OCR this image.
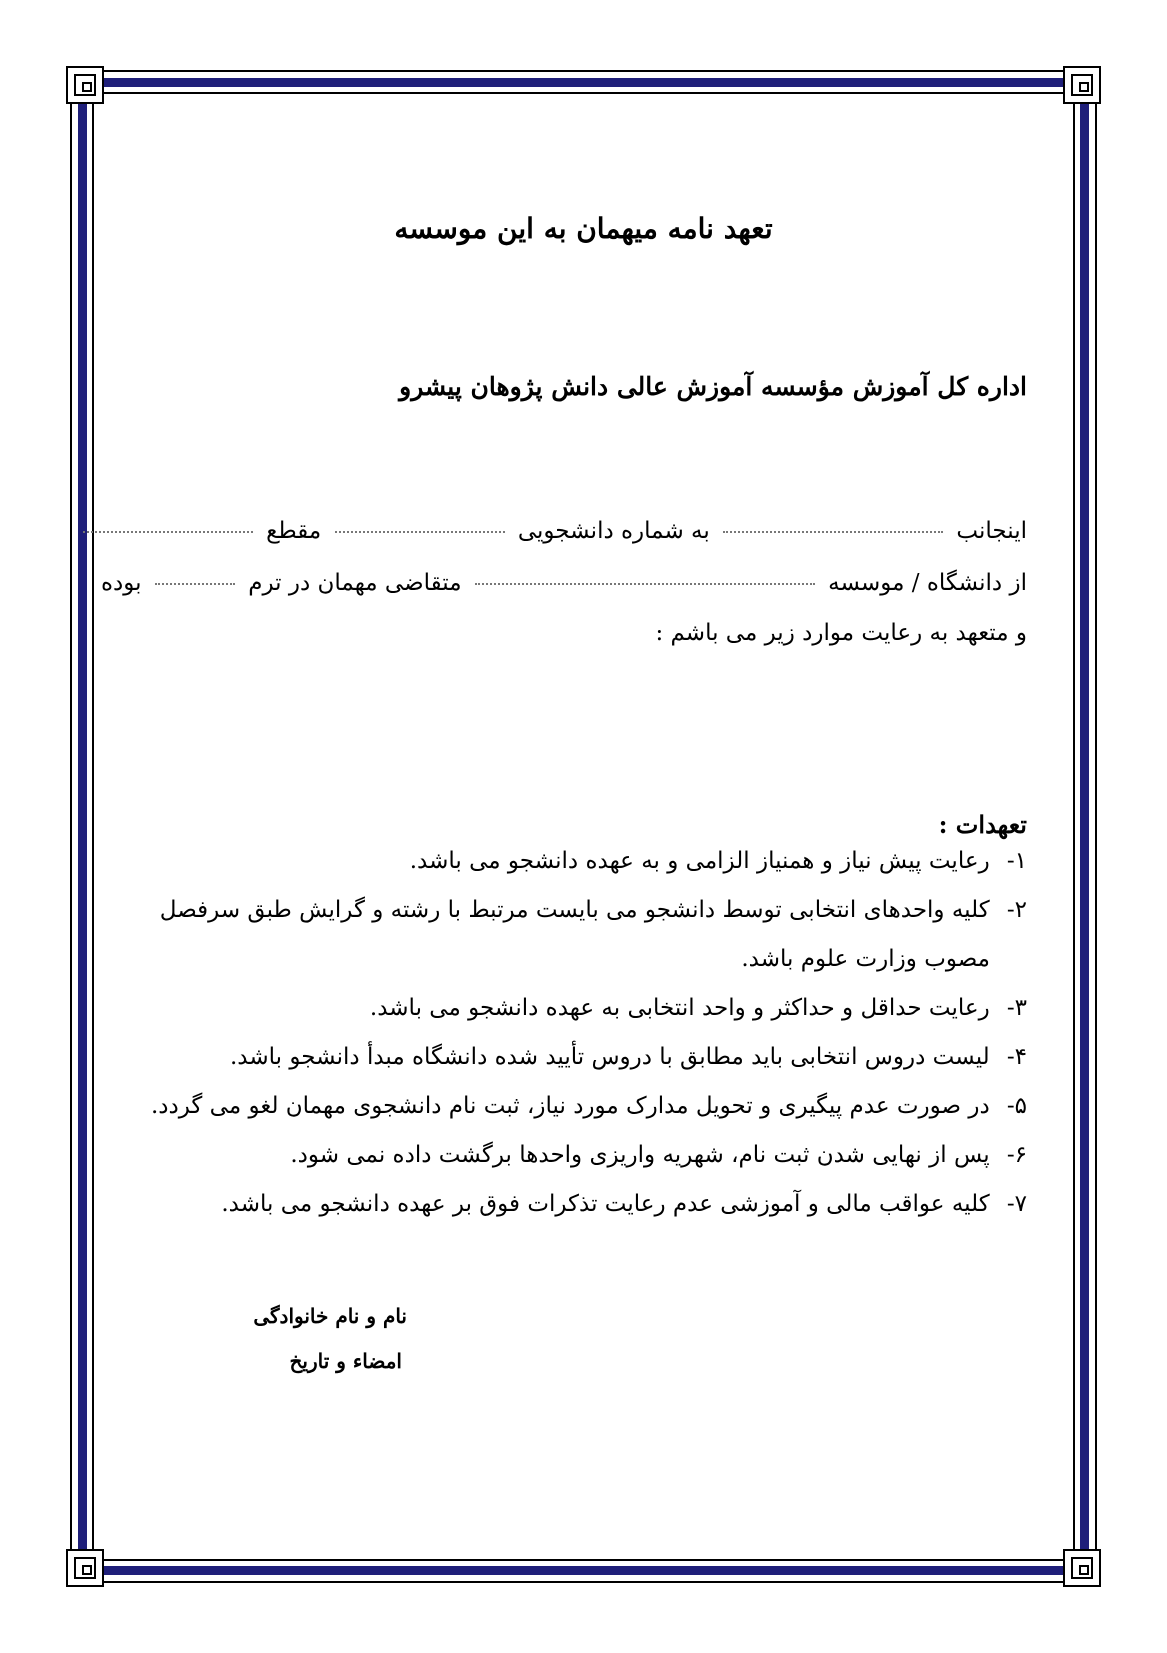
تعهد نامه میهمان به این موسسه
اداره کل آموزش مؤسسه آموزش عالی دانش پژوهان پیشرو
اینجانب  به شماره دانشجویی  مقطع
از دانشگاه / موسسه  متقاضی مهمان در ترم  بوده
و متعهد به رعایت موارد زیر می باشم :
تعهدات :
۱- رعایت پیش نیاز و همنیاز الزامی و به عهده دانشجو می باشد.
۲- کلیه واحدهای انتخابی توسط دانشجو می بایست مرتبط با رشته و گرایش طبق سرفصل
مصوب وزارت علوم باشد.
۳- رعایت حداقل و حداکثر و واحد انتخابی به عهده دانشجو می باشد.
۴- لیست دروس انتخابی باید مطابق با دروس تأیید شده دانشگاه مبدأ دانشجو باشد.
۵- در صورت عدم پیگیری و تحویل مدارک مورد نیاز، ثبت نام دانشجوی مهمان لغو می گردد.
۶- پس از نهایی شدن ثبت نام، شهریه واریزی واحدها برگشت داده نمی شود.
۷- کلیه عواقب مالی و آموزشی عدم رعایت تذکرات فوق بر عهده دانشجو می باشد.
نام و نام خانوادگی
امضاء و تاریخ
